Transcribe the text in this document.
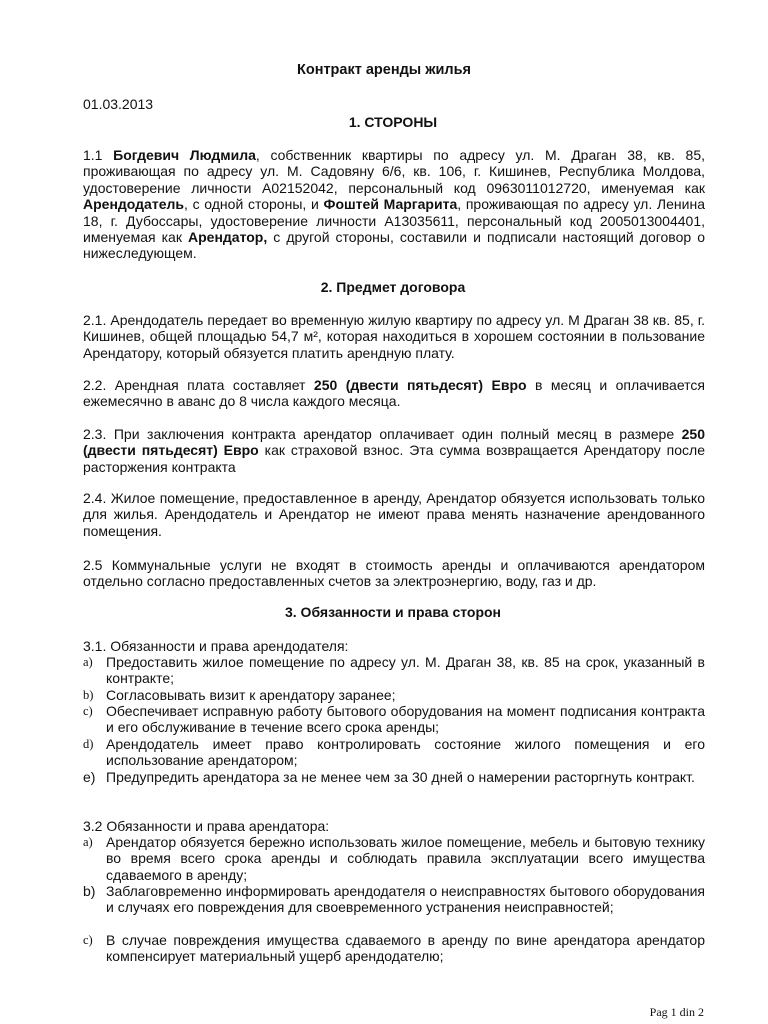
Контракт аренды жилья
01.03.2013
1. СТОРОНЫ
1.1 Богдевич Людмила, собственник квартиры по адресу ул. М. Драган 38, кв. 85, проживающая по адресу ул. М. Садовяну 6/6, кв. 106, г. Кишинев, Республика Молдова, удостоверение личности А02152042, персональный код 0963011012720, именуемая как Арендодатель, с одной стороны, и Фоштей Маргарита, проживающая по адресу ул. Ленина 18, г. Дубоссары, удостоверение личности А13035611, персональный код 2005013004401, именуемая как Арендатор, с другой стороны, составили и подписали настоящий договор о нижеследующем.
2. Предмет договора
2.1. Арендодатель передает во временную жилую квартиру по адресу ул. М Драган 38 кв. 85, г. Кишинев, общей площадью 54,7 м², которая находиться в хорошем состоянии в пользование Арендатору, который обязуется платить арендную плату.
2.2. Арендная плата составляет 250 (двести пятьдесят) Евро в месяц и оплачивается ежемесячно в аванс до 8 числа каждого месяца.
2.3. При заключения контракта арендатор оплачивает один полный месяц в размере 250 (двести пятьдесят) Евро как страховой взнос. Эта сумма возвращается Арендатору после расторжения контракта
2.4. Жилое помещение, предоставленное в аренду, Арендатор обязуется использовать только для жилья. Арендодатель и Арендатор не имеют права менять назначение арендованного помещения.
2.5 Коммунальные услуги не входят в стоимость аренды и оплачиваются арендатором отдельно согласно предоставленных счетов за электроэнергию, воду, газ и др.
3. Обязанности и права сторон
3.1. Обязанности и права арендодателя:
a) Предоставить жилое помещение по адресу ул. М. Драган 38, кв. 85 на срок, указанный в контракте;
b) Согласовывать визит к арендатору заранее;
c) Обеспечивает исправную работу бытового оборудования на момент подписания контракта и его обслуживание в течение всего срока аренды;
d) Арендодатель имеет право контролировать состояние жилого помещения и его использование арендатором;
e) Предупредить арендатора за не менее чем за 30 дней о намерении расторгнуть контракт.
3.2 Обязанности и права арендатора:
a) Арендатор обязуется бережно использовать жилое помещение, мебель и бытовую технику во время всего срока аренды и соблюдать правила эксплуатации всего имущества сдаваемого в аренду;
b) Заблаговременно информировать арендодателя о неисправностях бытового оборудования и случаях его повреждения для своевременного устранения неисправностей;
c) В случае повреждения имущества сдаваемого в аренду по вине арендатора арендатор компенсирует материальный ущерб арендодателю;
Pag 1 din 2
